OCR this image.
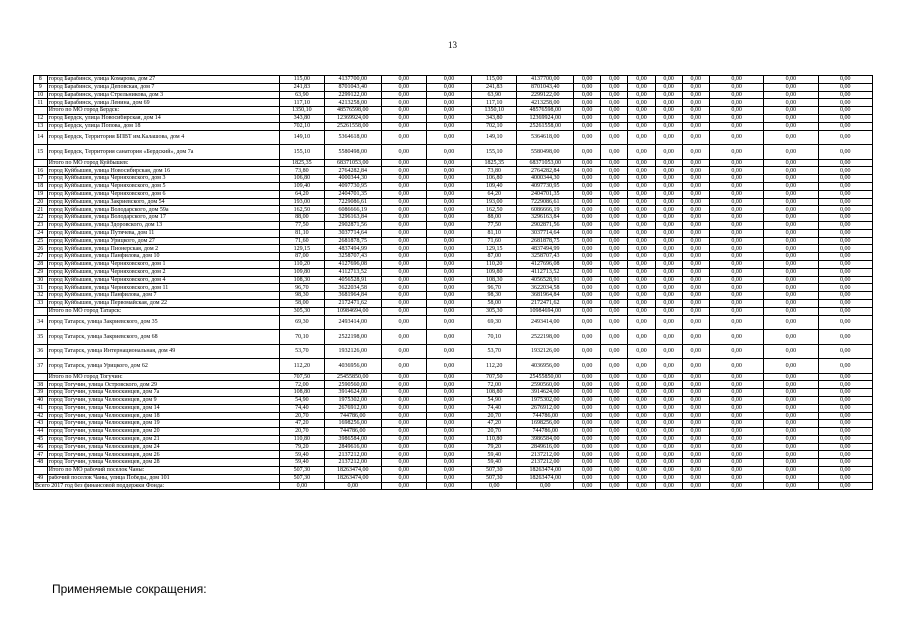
13
8	город Барабинск, улица Комарова, дом 27	115,00	4137700,00	0,00	0,00	115,00	4137700,00	0,00	0,00	0,00	0,00	0,00	0,00	0,00	0,00
9	город Барабинск, улица Деповская, дом 7	241,83	8701043,40	0,00	0,00	241,83	8701043,40	0,00	0,00	0,00	0,00	0,00	0,00	0,00	0,00
10	город Барабинск, улица Стрельникова, дом 3	63,90	2299122,00	0,00	0,00	63,90	2299122,00	0,00	0,00	0,00	0,00	0,00	0,00	0,00	0,00
11	город Барабинск, улица Ленина, дом 69	117,10	4213258,00	0,00	0,00	117,10	4213258,00	0,00	0,00	0,00	0,00	0,00	0,00	0,00	0,00
	Итого по МО город Бердск:	1350,10	48576598,00	0,00	0,00	1350,10	48576598,00	0,00	0,00	0,00	0,00	0,00	0,00	0,00	0,00
12	город Бердск, улица Новосибирская, дом 14	343,80	12369924,00	0,00	0,00	343,80	12369924,00	0,00	0,00	0,00	0,00	0,00	0,00	0,00	0,00
13	город Бердск, улица Попова, дом 18	702,10	25261558,00	0,00	0,00	702,10	25261558,00	0,00	0,00	0,00	0,00	0,00	0,00	0,00	0,00
14	город Бердск, Территория БПВТ им.Калашова, дом 4	149,10	5364618,00	0,00	0,00	149,10	5364618,00	0,00	0,00	0,00	0,00	0,00	0,00	0,00	0,00
15	город Бердск, Территория санатория «Бердский», дом 7а	155,10	5580498,00	0,00	0,00	155,10	5580498,00	0,00	0,00	0,00	0,00	0,00	0,00	0,00	0,00
	Итого по МО город Куйбышев:	1825,35	68371053,00	0,00	0,00	1825,35	68371053,00	0,00	0,00	0,00	0,00	0,00	0,00	0,00	0,00
16	город Куйбышев, улица Новосибирская, дом 16	73,80	2764282,84	0,00	0,00	73,80	2764282,84	0,00	0,00	0,00	0,00	0,00	0,00	0,00	0,00
17	город Куйбышев, улица Черняховского, дом 3	106,80	4000344,30	0,00	0,00	106,80	4000344,30	0,00	0,00	0,00	0,00	0,00	0,00	0,00	0,00
18	город Куйбышев, улица Черняховского, дом 5	109,40	4097730,95	0,00	0,00	109,40	4097730,95	0,00	0,00	0,00	0,00	0,00	0,00	0,00	0,00
19	город Куйбышев, улица Черняховского, дом 6	64,20	2404701,35	0,00	0,00	64,20	2404701,35	0,00	0,00	0,00	0,00	0,00	0,00	0,00	0,00
20	город Куйбышев, улица Закриевского, дом 54	193,00	7229086,61	0,00	0,00	193,00	7229086,61	0,00	0,00	0,00	0,00	0,00	0,00	0,00	0,00
21	город Куйбышев, улица Володарского, дом 59а	162,50	6086666,19	0,00	0,00	162,50	6086666,19	0,00	0,00	0,00	0,00	0,00	0,00	0,00	0,00
22	город Куйбышев, улица Володарского, дом 17	88,00	3296163,84	0,00	0,00	88,00	3296163,84	0,00	0,00	0,00	0,00	0,00	0,00	0,00	0,00
23	город Куйбышев, улица Здоровского, дом 13	77,50	2902871,56	0,00	0,00	77,50	2902871,56	0,00	0,00	0,00	0,00	0,00	0,00	0,00	0,00
24	город Куйбышев, улица Путячева, дом 11	81,10	3037714,64	0,00	0,00	81,10	3037714,64	0,00	0,00	0,00	0,00	0,00	0,00	0,00	0,00
25	город Куйбышев, улица Урицкого, дом 27	71,60	2681878,75	0,00	0,00	71,60	2681878,75	0,00	0,00	0,00	0,00	0,00	0,00	0,00	0,00
26	город Куйбышев, улица Пионерская, дом 2	129,15	4837494,99	0,00	0,00	129,15	4837494,99	0,00	0,00	0,00	0,00	0,00	0,00	0,00	0,00
27	город Куйбышев, улица Панфилова, дом 10	87,00	3258707,43	0,00	0,00	87,00	3258707,43	0,00	0,00	0,00	0,00	0,00	0,00	0,00	0,00
28	город Куйбышев, улица Черняховского, дом 1	110,20	4127696,08	0,00	0,00	110,20	4127696,08	0,00	0,00	0,00	0,00	0,00	0,00	0,00	0,00
29	город Куйбышев, улица Черняховского, дом 2	109,80	4112713,52	0,00	0,00	109,80	4112713,52	0,00	0,00	0,00	0,00	0,00	0,00	0,00	0,00
30	город Куйбышев, улица Черняховского, дом 4	108,30	4056528,91	0,00	0,00	108,30	4056528,91	0,00	0,00	0,00	0,00	0,00	0,00	0,00	0,00
31	город Куйбышев, улица Черняховского, дом 11	96,70	3622034,58	0,00	0,00	96,70	3622034,58	0,00	0,00	0,00	0,00	0,00	0,00	0,00	0,00
32	город Куйбышев, улица Панфилова, дом 7	98,30	3681964,84	0,00	0,00	98,30	3681964,84	0,00	0,00	0,00	0,00	0,00	0,00	0,00	0,00
33	город Куйбышев, улица Первомайская, дом 22	58,00	2172471,62	0,00	0,00	58,00	2172471,62	0,00	0,00	0,00	0,00	0,00	0,00	0,00	0,00
	Итого по МО город Татарск:	305,30	10984694,00	0,00	0,00	305,30	10984694,00	0,00	0,00	0,00	0,00	0,00	0,00	0,00	0,00
34	город Татарск, улица Закриевского, дом 35	69,30	2493414,00	0,00	0,00	69,30	2493414,00	0,00	0,00	0,00	0,00	0,00	0,00	0,00	0,00
35	город Татарск, улица Закриевского, дом 68	70,10	2522198,00	0,00	0,00	70,10	2522198,00	0,00	0,00	0,00	0,00	0,00	0,00	0,00	0,00
36	город Татарск, улица Интернациональная, дом 49	53,70	1932126,00	0,00	0,00	53,70	1932126,00	0,00	0,00	0,00	0,00	0,00	0,00	0,00	0,00
37	город Татарск, улица Урицкого, дом 62	112,20	4036956,00	0,00	0,00	112,20	4036956,00	0,00	0,00	0,00	0,00	0,00	0,00	0,00	0,00
	Итого по МО город Тогучин:	707,50	25455850,00	0,00	0,00	707,50	25455850,00	0,00	0,00	0,00	0,00	0,00	0,00	0,00	0,00
38	город Тогучин, улица Островского, дом 29	72,00	2590560,00	0,00	0,00	72,00	2590560,00	0,00	0,00	0,00	0,00	0,00	0,00	0,00	0,00
39	город Тогучин, улица Челюскинцев, дом 7а	108,80	3914624,00	0,00	0,00	108,80	3914624,00	0,00	0,00	0,00	0,00	0,00	0,00	0,00	0,00
40	город Тогучин, улица Челюскинцев, дом 9	54,90	1975302,00	0,00	0,00	54,90	1975302,00	0,00	0,00	0,00	0,00	0,00	0,00	0,00	0,00
41	город Тогучин, улица Челюскинцев, дом 14	74,40	2676912,00	0,00	0,00	74,40	2676912,00	0,00	0,00	0,00	0,00	0,00	0,00	0,00	0,00
42	город Тогучин, улица Челюскинцев, дом 18	20,70	744786,00	0,00	0,00	20,70	744786,00	0,00	0,00	0,00	0,00	0,00	0,00	0,00	0,00
43	город Тогучин, улица Челюскинцев, дом 19	47,20	1698256,00	0,00	0,00	47,20	1698256,00	0,00	0,00	0,00	0,00	0,00	0,00	0,00	0,00
44	город Тогучин, улица Челюскинцев, дом 20	20,70	744786,00	0,00	0,00	20,70	744786,00	0,00	0,00	0,00	0,00	0,00	0,00	0,00	0,00
45	город Тогучин, улица Челюскинцев, дом 21	110,80	3986584,00	0,00	0,00	110,80	3986584,00	0,00	0,00	0,00	0,00	0,00	0,00	0,00	0,00
46	город Тогучин, улица Челюскинцев, дом 24	79,20	2849616,00	0,00	0,00	79,20	2849616,00	0,00	0,00	0,00	0,00	0,00	0,00	0,00	0,00
47	город Тогучин, улица Челюскинцев, дом 26	59,40	2137212,00	0,00	0,00	59,40	2137212,00	0,00	0,00	0,00	0,00	0,00	0,00	0,00	0,00
48	город Тогучин, улица Челюскинцев, дом 28	59,40	2137212,00	0,00	0,00	59,40	2137212,00	0,00	0,00	0,00	0,00	0,00	0,00	0,00	0,00
	Итого по МО рабочий поселок Чаны:	507,30	18263474,00	0,00	0,00	507,30	18263474,00	0,00	0,00	0,00	0,00	0,00	0,00	0,00	0,00
49	рабочий поселок Чаны, улица Победы, дом 101	507,30	18263474,00	0,00	0,00	507,30	18263474,00	0,00	0,00	0,00	0,00	0,00	0,00	0,00	0,00
Всего 2017 год без финансовой поддержки Фонда:		0,00	0,00	0,00	0,00	0,00	0,00	0,00	0,00	0,00	0,00	0,00	0,00	0,00	0,00
Применяемые сокращения:
